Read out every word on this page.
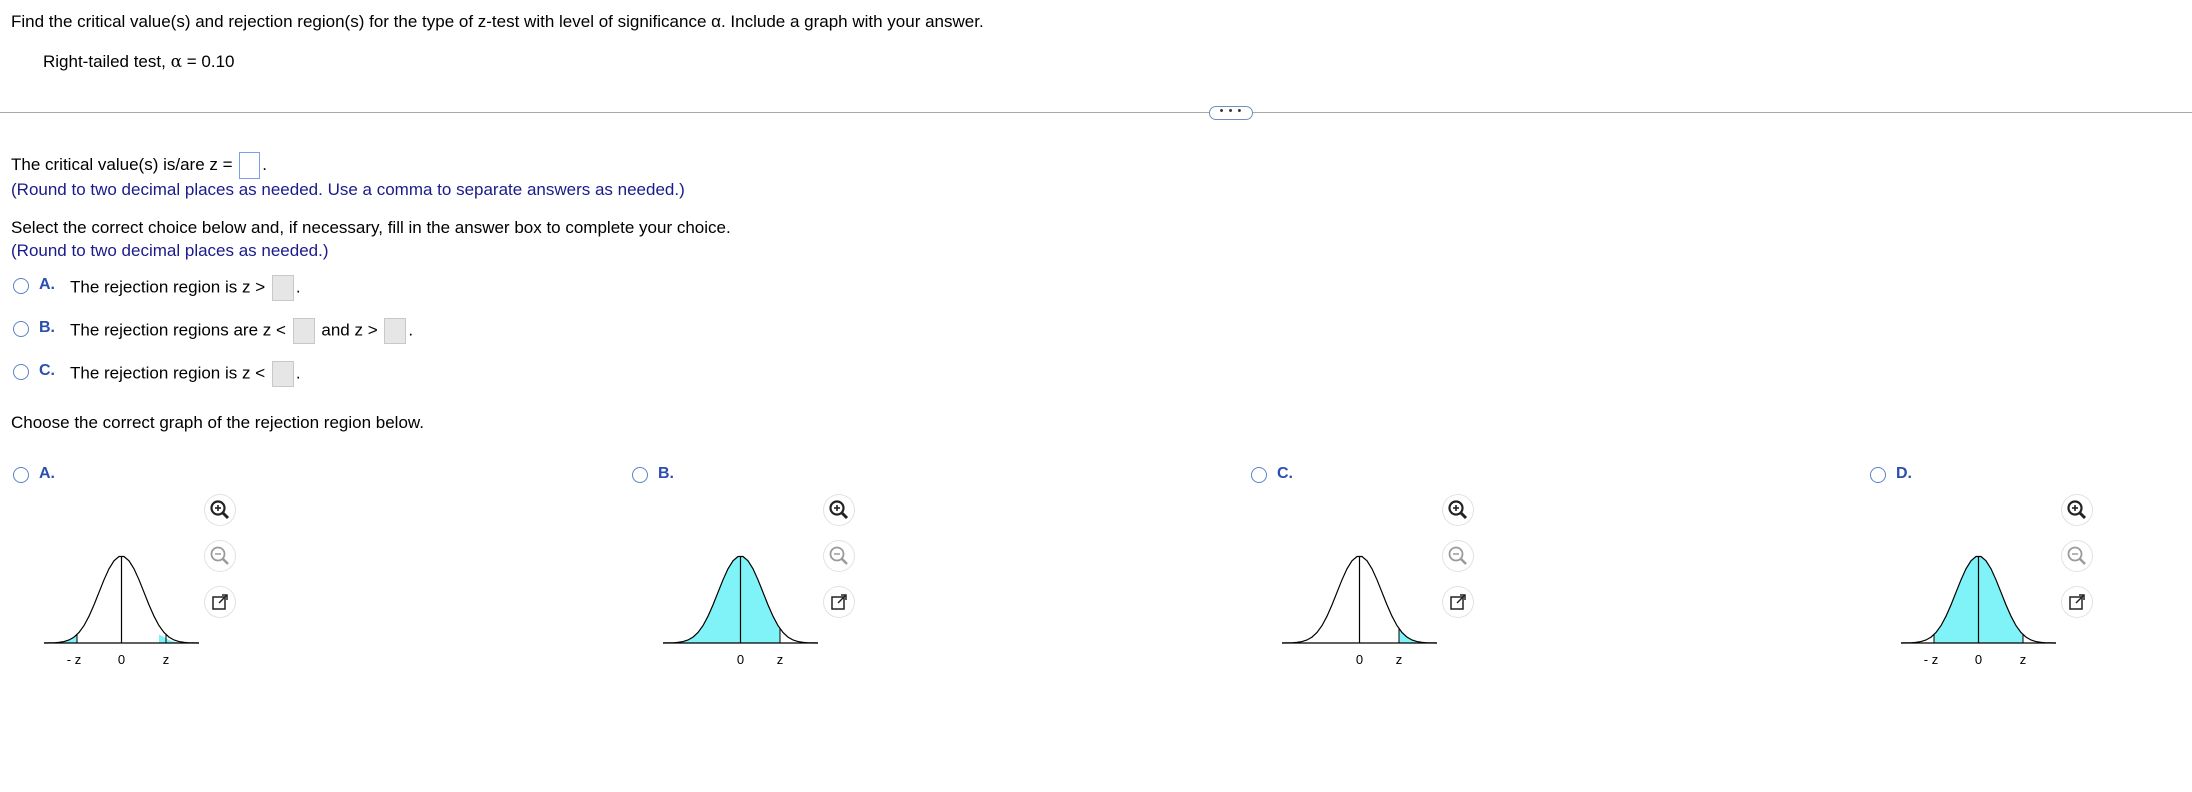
Find the critical value(s) and rejection region(s) for the type of z-test with level of significance α. Include a graph with your answer.
Right-tailed test, α = 0.10
• • •
The critical value(s) is/are z = .
(Round to two decimal places as needed. Use a comma to separate answers as needed.)
Select the correct choice below and, if necessary, fill in the answer box to complete your choice.
(Round to two decimal places as needed.)
A. The rejection region is z > .
B. The rejection regions are z < and z > .
C. The rejection region is z < .
Choose the correct graph of the rejection region below.
A.
- z	0	z
B.
0	z
C.
0	z
D.
- z	0	z
